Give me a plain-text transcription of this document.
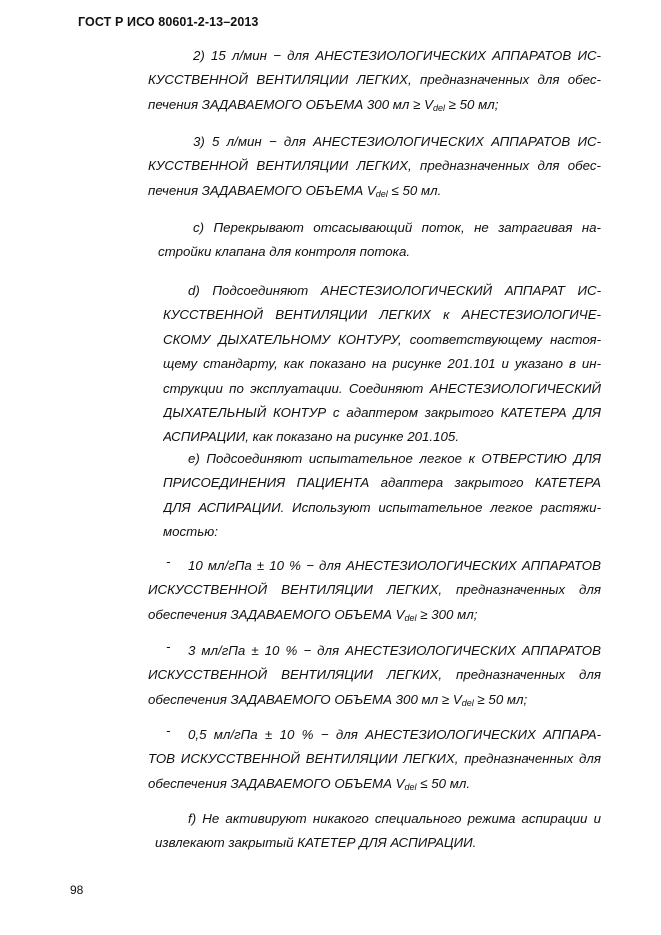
ГОСТ Р ИСО 80601-2-13–2013
2) 15 л/мин − для АНЕСТЕЗИОЛОГИЧЕСКИХ АППАРАТОВ ИС-
КУССТВЕННОЙ ВЕНТИЛЯЦИИ ЛЕГКИХ, предназначенных для обес-
печения ЗАДАВАЕМОГО ОБЪЕМА 300 мл ≥ $V_{del} \ge 50$ мл;
3) 5 л/мин − для АНЕСТЕЗИОЛОГИЧЕСКИХ АППАРАТОВ ИС-
КУССТВЕННОЙ ВЕНТИЛЯЦИИ ЛЕГКИХ, предназначенных для обес-
печения ЗАДАВАЕМОГО ОБЪЕМА $V_{del} \le 50$ мл.
c) Перекрывают отсасывающий поток, не затрагивая на-
стройки клапана для контроля потока.
d) Подсоединяют АНЕСТЕЗИОЛОГИЧЕСКИЙ АППАРАТ ИС-
КУССТВЕННОЙ ВЕНТИЛЯЦИИ ЛЕГКИХ к АНЕСТЕЗИОЛОГИЧЕ-
СКОМУ ДЫХАТЕЛЬНОМУ КОНТУРУ, соответствующему настоя-
щему стандарту, как показано на рисунке 201.101 и указано в ин-
струкции по эксплуатации. Соединяют АНЕСТЕЗИОЛОГИЧЕСКИЙ
ДЫХАТЕЛЬНЫЙ КОНТУР с адаптером закрытого КАТЕТЕРА ДЛЯ
АСПИРАЦИИ, как показано на рисунке 201.105.
e) Подсоединяют испытательное легкое к ОТВЕРСТИЮ ДЛЯ
ПРИСОЕДИНЕНИЯ ПАЦИЕНТА адаптера закрытого КАТЕТЕРА
ДЛЯ АСПИРАЦИИ. Используют испытательное легкое растяжи-
мостью:
- 10 мл/гПа ± 10 % − для АНЕСТЕЗИОЛОГИЧЕСКИХ АППАРАТОВ
ИСКУССТВЕННОЙ ВЕНТИЛЯЦИИ ЛЕГКИХ, предназначенных для
обеспечения ЗАДАВАЕМОГО ОБЪЕМА $V_{del} \ge 300$ мл;
- 3 мл/гПа ± 10 % − для АНЕСТЕЗИОЛОГИЧЕСКИХ АППАРАТОВ
ИСКУССТВЕННОЙ ВЕНТИЛЯЦИИ ЛЕГКИХ, предназначенных для
обеспечения ЗАДАВАЕМОГО ОБЪЕМА 300 мл ≥ $V_{del} \ge 50$ мл;
- 0,5 мл/гПа ± 10 % − для АНЕСТЕЗИОЛОГИЧЕСКИХ АППАРА-
ТОВ ИСКУССТВЕННОЙ ВЕНТИЛЯЦИИ ЛЕГКИХ, предназначенных для
обеспечения ЗАДАВАЕМОГО ОБЪЕМА $V_{del} \le 50$ мл.
f) Не активируют никакого специального режима аспирации и
извлекают закрытый КАТЕТЕР ДЛЯ АСПИРАЦИИ.
98
